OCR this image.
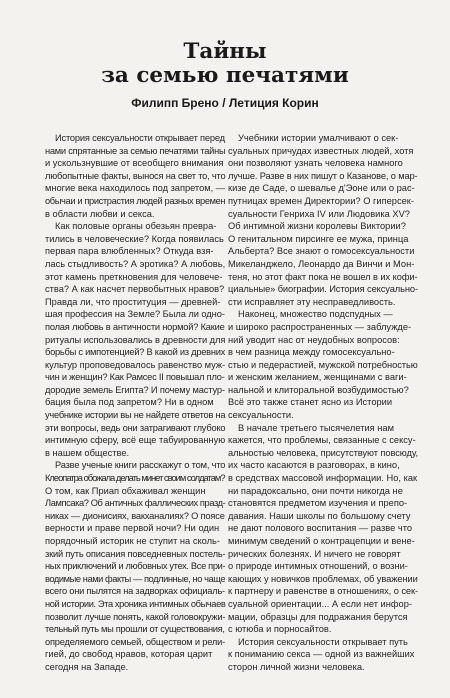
Тайны
за семью печатями
Филипп Брено / Летиция Корин

История сексуальности открывает перед
нами спрятанные за семью печатями тайны
и ускользнувшие от всеобщего внимания
любопытные факты, вынося на свет то, что
многие века находилось под запретом, —
обычаи и пристрастия людей разных времен
в области любви и секса.

Как половые органы обезьян превра-
тились в человеческие? Когда появилась
первая пара влюбленных? Откуда взя-
лась стыдливость? А эротика? А любовь,
этот камень преткновения для человече-
ства? А как насчет первобытных нравов?
Правда ли, что проституция — древней-
шая профессия на Земле? Была ли одно-
полая любовь в античности нормой? Какие
ритуалы использовались в древности для
борьбы с импотенцией? В какой из древних
культур проповедовалось равенство муж-
чин и женщин? Как Рамсес II повышал пло-
дородие земель Египта? И почему мастур-
бация была под запретом? Ни в одном
учебнике истории вы не найдете ответов на
эти вопросы, ведь они затрагивают глубоко
интимную сферу, всё еще табуированную
в нашем обществе.

Разве ученые книги расскажут о том, что
Клеопатра обожала делать минет своим солдатам?
О том, как Приап обхаживал женщин
Лампсака? Об античных фаллических празд-
никах — дионисиях, вакханалиях? О поясе
верности и праве первой ночи? Ни один
порядочный историк не ступит на сколь-
зкий путь описания повседневных постель-
ных приключений и любовных утех. Все при-
водимые нами факты — подлинные, но чаще
всего они пылятся на задворках официаль-
ной истории. Эта хроника интимных обычаев
позволит лучше понять, какой головокружи-
тельный путь мы прошли от существования,
определяемого семьей, обществом и рели-
гией, до свобод нравов, которая царит
сегодня на Западе.

Учебники истории умалчивают о сек-
суальных причудах известных людей, хотя
они позволяют узнать человека намного
лучше. Разве в них пишут о Казанове, о мар-
кизе де Саде, о шевалье д'Эоне или о рас-
путницах времен Директории? О гиперсек-
суальности Генриха IV или Людовика XV?
Об интимной жизни королевы Виктории?
О генитальном пирсинге ее мужа, принца
Альберта? Все знают о гомосексуальности
Микеланджело, Леонардо да Винчи и Мон-
теня, но этот факт пока не вошел в их кофи-
циальные» биографии. История сексуально-
сти исправляет эту несправедливость.

Наконец, множество подспудных —
и широко распространенных — заблужде-
ний уводит нас от неудобных вопросов:
в чем разница между гомосексуально-
стью и педерастией, мужской потребностью
и женским желанием, женщинами с ваги-
нальной и клиторальной возбудимостью?
Всё это также станет ясно из Истории
сексуальности.

В начале третьего тысячелетия нам
кажется, что проблемы, связанные с сексу-
альностью человека, присутствуют повсюду,
их часто касаются в разговорах, в кино,
в средствах массовой информации. Но, как
ни парадоксально, они почти никогда не
становятся предметом изучения и препо-
давания. Наши школы по большому счету
не дают полового воспитания — разве что
минимум сведений о контрацепции и вене-
рических болезнях. И ничего не говорят
о природе интимных отношений, о возни-
кающих у новичков проблемах, об уважении
к партнеру и равенстве в отношениях, о сек-
суальной ориентации... А если нет инфор-
мации, образцы для подражания берутся
с ютюба и порносайтов.

История сексуальности открывает путь
к пониманию секса — одной из важнейших
сторон личной жизни человека.
